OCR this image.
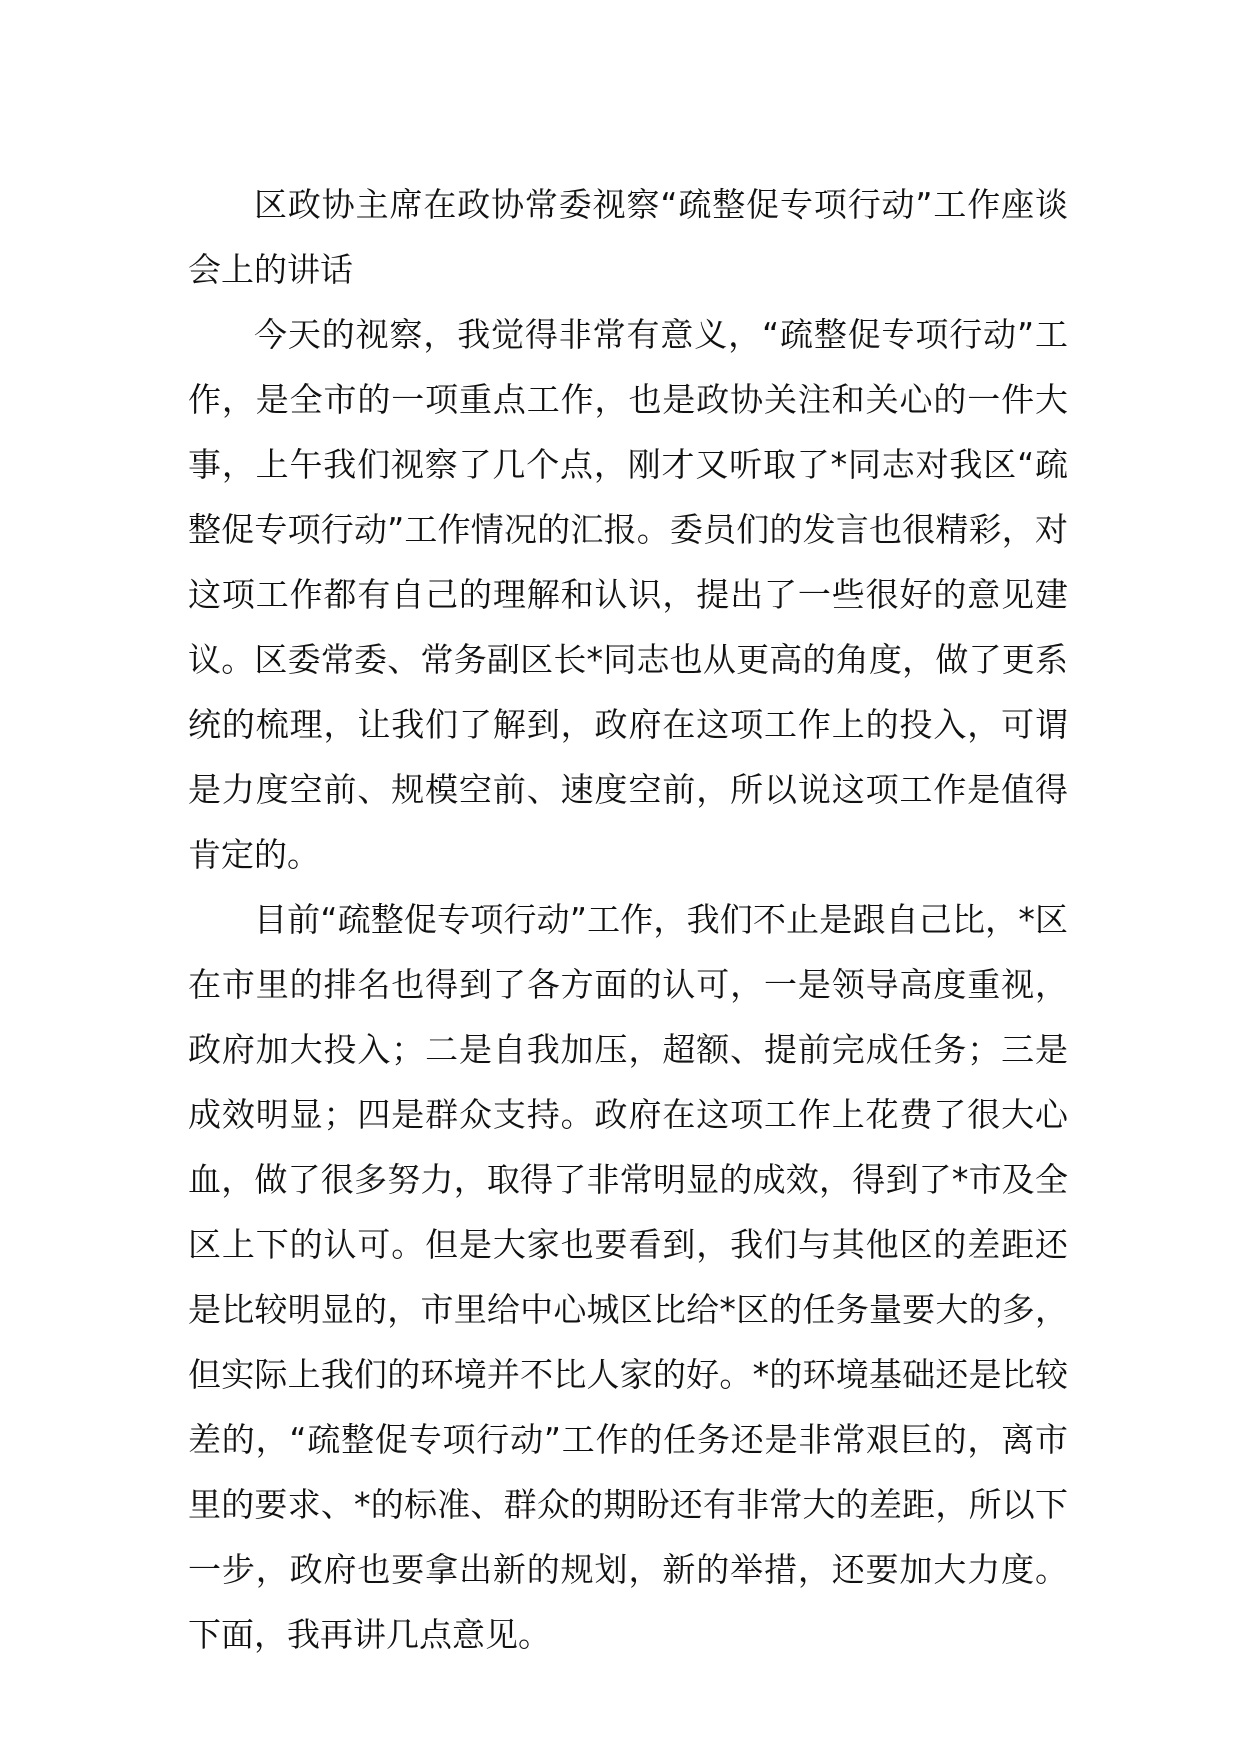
区政协主席在政协常委视察“疏整促专项行动”工作座谈会上的讲话

今天的视察，我觉得非常有意义，“疏整促专项行动”工作，是全市的一项重点工作，也是政协关注和关心的一件大事，上午我们视察了几个点，刚才又听取了*同志对我区“疏整促专项行动”工作情况的汇报。委员们的发言也很精彩，对这项工作都有自己的理解和认识，提出了一些很好的意见建议。区委常委、常务副区长*同志也从更高的角度，做了更系统的梳理，让我们了解到，政府在这项工作上的投入，可谓是力度空前、规模空前、速度空前，所以说这项工作是值得肯定的。

目前“疏整促专项行动”工作，我们不止是跟自己比，*区在市里的排名也得到了各方面的认可，一是领导高度重视，政府加大投入；二是自我加压，超额、提前完成任务；三是成效明显；四是群众支持。政府在这项工作上花费了很大心血，做了很多努力，取得了非常明显的成效，得到了*市及全区上下的认可。但是大家也要看到，我们与其他区的差距还是比较明显的，市里给中心城区比给*区的任务量要大的多，但实际上我们的环境并不比人家的好。*的环境基础还是比较差的，“疏整促专项行动”工作的任务还是非常艰巨的，离市里的要求、*的标准、群众的期盼还有非常大的差距，所以下一步，政府也要拿出新的规划，新的举措，还要加大力度。下面，我再讲几点意见。
